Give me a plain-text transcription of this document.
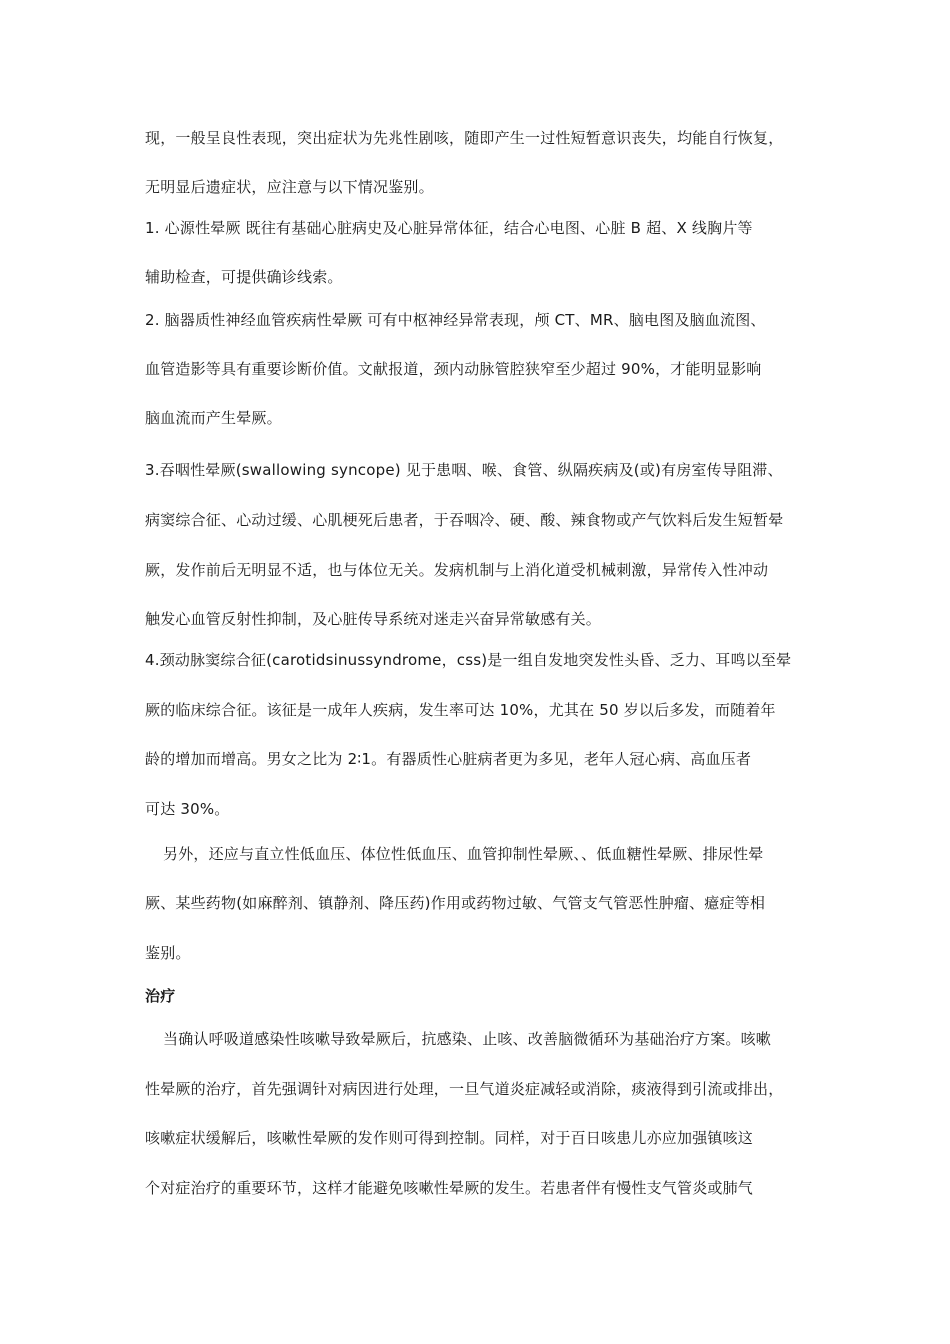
现，一般呈良性表现，突出症状为先兆性剧咳，随即产生一过性短暂意识丧失，均能自行恢复，
无明显后遗症状，应注意与以下情况鉴别。
1. 心源性晕厥 既往有基础心脏病史及心脏异常体征，结合心电图、心脏 B 超、X 线胸片等
辅助检查，可提供确诊线索。
2. 脑器质性神经血管疾病性晕厥 可有中枢神经异常表现，颅 CT、MR、脑电图及脑血流图、
血管造影等具有重要诊断价值。文献报道，颈内动脉管腔狭窄至少超过 90%，才能明显影响
脑血流而产生晕厥。
3.吞咽性晕厥(swallowing syncope) 见于患咽、喉、食管、纵隔疾病及(或)有房室传导阻滞、
病窦综合征、心动过缓、心肌梗死后患者，于吞咽冷、硬、酸、辣食物或产气饮料后发生短暂晕
厥，发作前后无明显不适，也与体位无关。发病机制与上消化道受机械刺激，异常传入性冲动
触发心血管反射性抑制，及心脏传导系统对迷走兴奋异常敏感有关。
4.颈动脉窦综合征(carotidsinussyndrome，css)是一组自发地突发性头昏、乏力、耳鸣以至晕
厥的临床综合征。该征是一成年人疾病，发生率可达 10%，尤其在 50 岁以后多发，而随着年
龄的增加而增高。男女之比为 2∶1。有器质性心脏病者更为多见，老年人冠心病、高血压者
可达 30%。
另外，还应与直立性低血压、体位性低血压、血管抑制性晕厥、、低血糖性晕厥、排尿性晕
厥、某些药物(如麻醉剂、镇静剂、降压药)作用或药物过敏、气管支气管恶性肿瘤、癔症等相
鉴别。
治疗
当确认呼吸道感染性咳嗽导致晕厥后，抗感染、止咳、改善脑微循环为基础治疗方案。咳嗽
性晕厥的治疗，首先强调针对病因进行处理，一旦气道炎症减轻或消除，痰液得到引流或排出，
咳嗽症状缓解后，咳嗽性晕厥的发作则可得到控制。同样，对于百日咳患儿亦应加强镇咳这
个对症治疗的重要环节，这样才能避免咳嗽性晕厥的发生。若患者伴有慢性支气管炎或肺气
